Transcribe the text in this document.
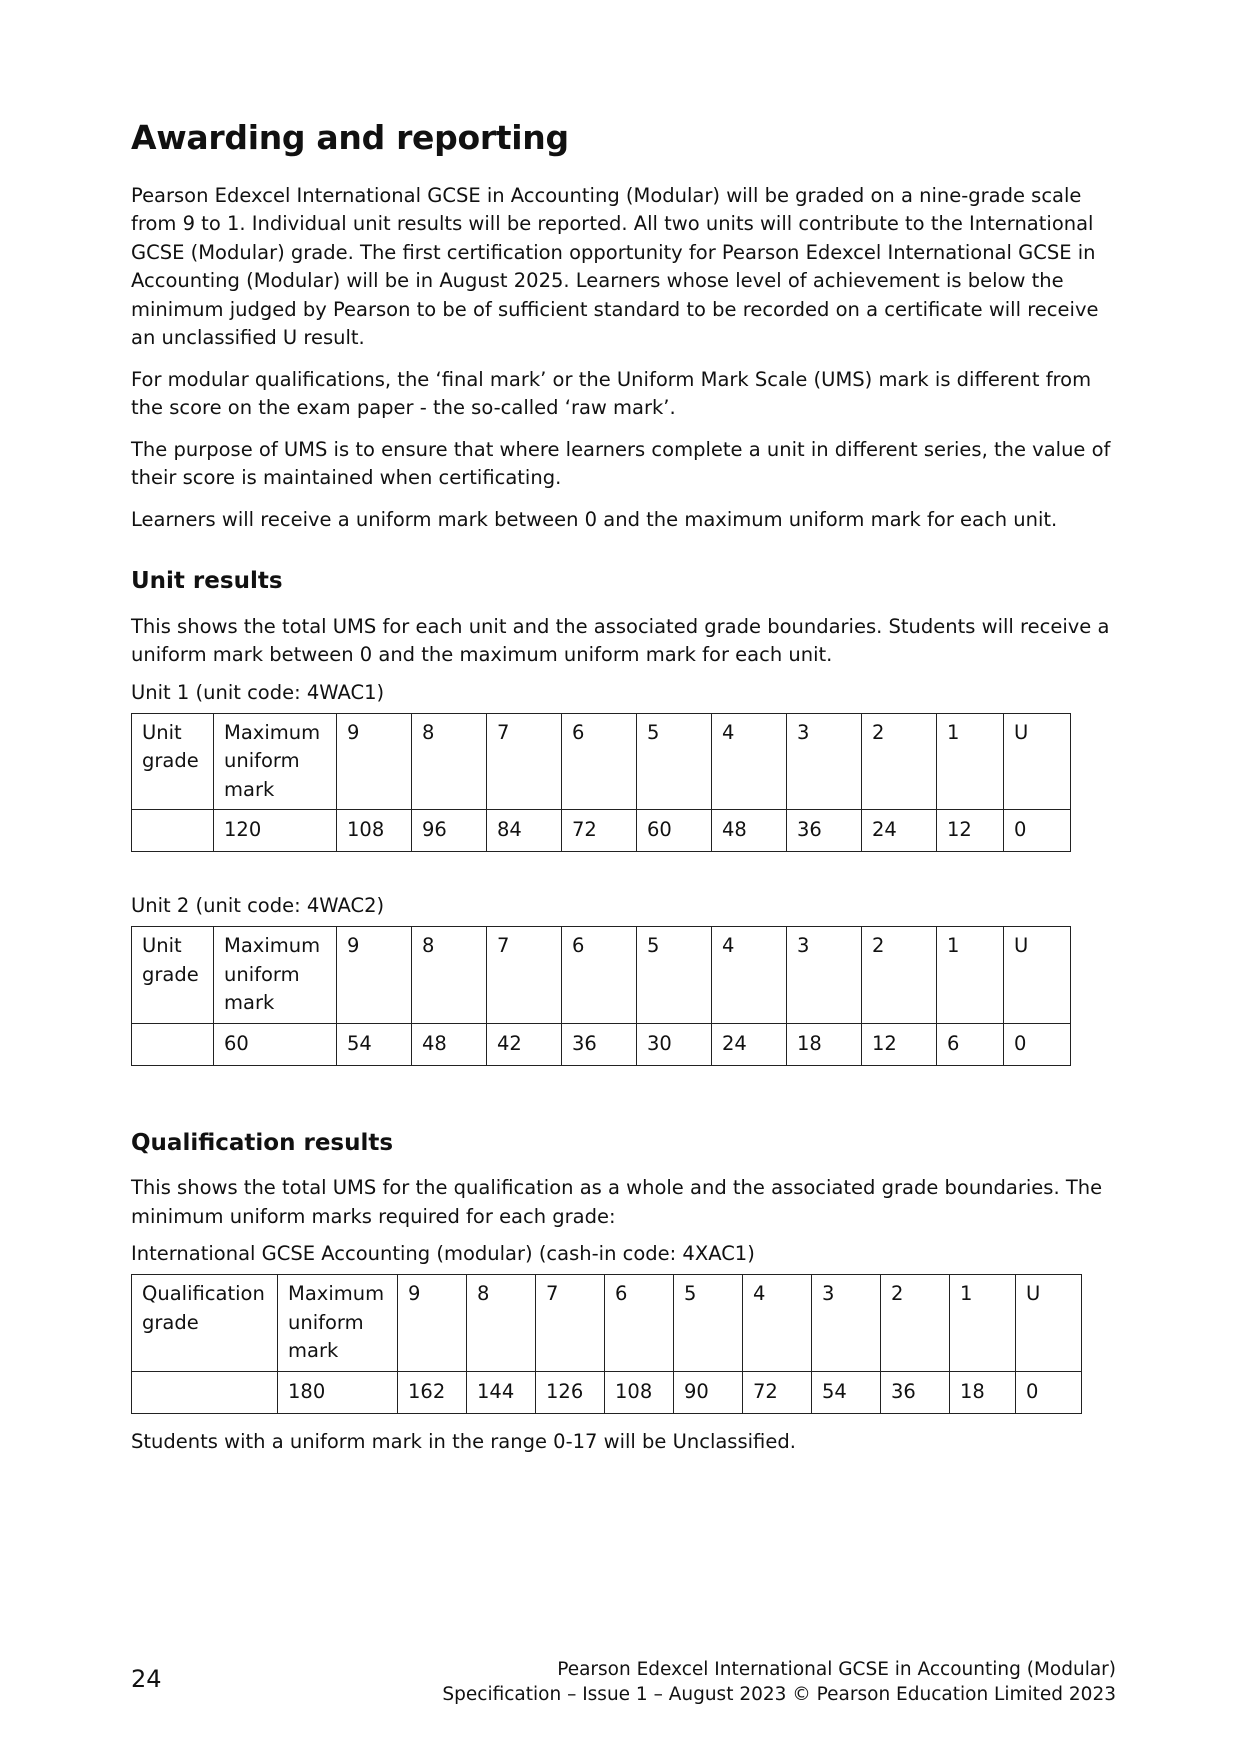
Awarding and reporting

Pearson Edexcel International GCSE in Accounting (Modular) will be graded on a nine-grade scale from 9 to 1. Individual unit results will be reported. All two units will contribute to the International GCSE (Modular) grade. The first certification opportunity for Pearson Edexcel International GCSE in Accounting (Modular) will be in August 2025. Learners whose level of achievement is below the minimum judged by Pearson to be of sufficient standard to be recorded on a certificate will receive an unclassified U result.

For modular qualifications, the ‘final mark’ or the Uniform Mark Scale (UMS) mark is different from the score on the exam paper - the so-called ‘raw mark’.

The purpose of UMS is to ensure that where learners complete a unit in different series, the value of their score is maintained when certificating.

Learners will receive a uniform mark between 0 and the maximum uniform mark for each unit.

Unit results

This shows the total UMS for each unit and the associated grade boundaries. Students will receive a uniform mark between 0 and the maximum uniform mark for each unit.

Unit 1 (unit code: 4WAC1)
Unit grade	Maximum uniform mark	9	8	7	6	5	4	3	2	1	U
	120	108	96	84	72	60	48	36	24	12	0
Unit 2 (unit code: 4WAC2)
Unit grade	Maximum uniform mark	9	8	7	6	5	4	3	2	1	U
	60	54	48	42	36	30	24	18	12	6	0
Qualification results

This shows the total UMS for the qualification as a whole and the associated grade boundaries. The minimum uniform marks required for each grade:

International GCSE Accounting (modular) (cash-in code: 4XAC1)
Qualification grade	Maximum uniform mark	9	8	7	6	5	4	3	2	1	U
	180	162	144	126	108	90	72	54	36	18	0

Students with a uniform mark in the range 0-17 will be Unclassified.

24	Pearson Edexcel International GCSE in Accounting (Modular)
Specification – Issue 1 – August 2023 © Pearson Education Limited 2023
